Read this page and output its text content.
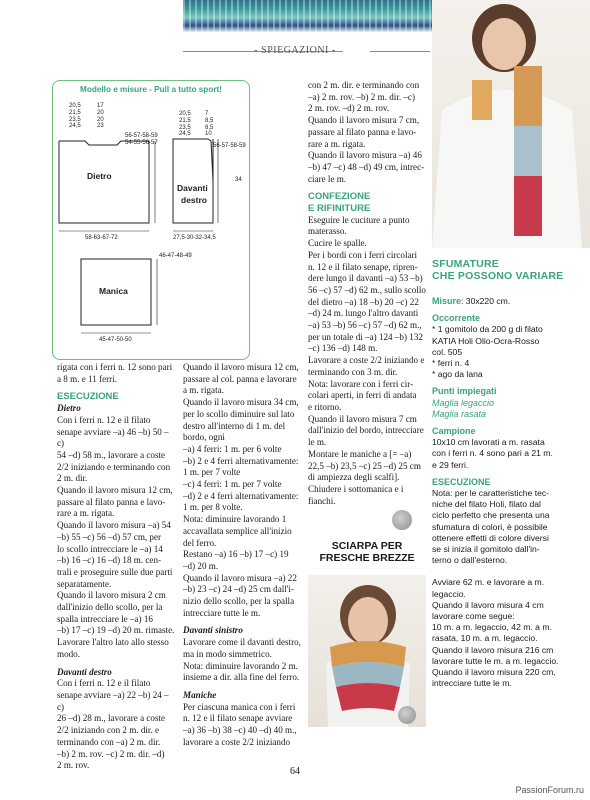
- SPIEGAZIONI -
Modello e misure - Pull a tutto sport!
20,5
21,5
23,5
24,5
17
20
20
23
Dietro
56-57-58-59
54-55-56-57
58-63-67-72
20,5
21,5
23,5
24,5
7
8,5
8,5
10
56-57-58-59
34
Davanti
destro
27,5-30-32-34,5
Manica
46-47-48-49
45-47-50-50

rigata con i ferri n. 12 sono pari

a 8 m. e 11 ferri.

ESECUZIONE

Dietro

Con i ferri n. 12 e il filato

senape avviare –a) 46 –b) 50 –c)

54 –d) 58 m., lavorare a coste

2/2 iniziando e terminando con

2 m. dir.

Quando il lavoro misura 12 cm,

passare al filato panna e lavo-

rare a m. rigata.

Quando il lavoro misura –a) 54

–b) 55 –c) 56 –d) 57 cm, per

lo scollo intrecciare le –a) 14

–b) 16 –c) 16 –d) 18 m. cen-

trali e proseguire sulle due parti

separatamente.

Quando il lavoro misura 2 cm

dall'inizio dello scollo, per la

spalla intrecciare le –a) 16

–b) 17 –c) 19 –d) 20 m. rimaste.

Lavorare l'altro lato allo stesso

modo.

Davanti destro

Con i ferri n. 12 e il filato

senape avviare –a) 22 –b) 24 –c)

26 –d) 28 m., lavorare a coste

2/2 iniziando con 2 m. dir. e

terminando con –a) 2 m. dir.

–b) 2 m. rov. –c) 2 m. dir. –d)

2 m. rov.

Quando il lavoro misura 12 cm,

passare al col. panna e lavorare

a m. rigata.

Quando il lavoro misura 34 cm,

per lo scollo diminuire sul lato

destro all'interno di 1 m. del

bordo, ogni

–a) 4 ferri: 1 m. per 6 volte

–b) 2 e 4 ferri alternativamente:

1 m. per 7 volte

–c) 4 ferri: 1 m. per 7 volte

–d) 2 e 4 ferri alternativamente:

1 m. per 8 volte.

Nota: diminuire lavorando 1

accavallata semplice all'inizio

del ferro.

Restano –a) 16 –b) 17 –c) 19

–d) 20 m.

Quando il lavoro misura –a) 22

–b) 23 –c) 24 –d) 25 cm dall'i-

nizio dello scollo, per la spalla

intrecciare tutte le m.

Davanti sinistro

Lavorare come il davanti destro,

ma in modo simmetrico.

Nota: diminuire lavorando 2 m.

insieme a dir. alla fine del ferro.

Maniche

Per ciascuna manica con i ferri

n. 12 e il filato senape avviare

–a) 36 –b) 38 –c) 40 –d) 40 m.,

lavorare a coste 2/2 iniziando

con 2 m. dir. e terminando con

–a) 2 m. rov. –b) 2 m. dir. –c)

2 m. rov. –d) 2 m. rov.

Quando il lavoro misura 7 cm,

passare al filato panna e lavo-

rare a m. rigata.

Quando il lavoro misura –a) 46

–b) 47 –c) 48 –d) 49 cm, intrec-

ciare le m.

CONFEZIONE

E RIFINITURE

Eseguire le cuciture a punto

materasso.

Cucire le spalle.

Per i bordi con i ferri circolari

n. 12 e il filato senape, ripren-

dere lungo il davanti –a) 53 –b)

56 –c) 57 –d) 62 m., sullo scollo

del dietro –a) 18 –b) 20 –c) 22

–d) 24 m. lungo l'altro davanti

–a) 53 –b) 56 –c) 57 –d) 62 m.,

per un totale di –a) 124 –b) 132

–c) 136 –d) 148 m.

Lavorare a coste 2/2 iniziando e

terminando con 3 m. dir.

Nota: lavorare con i ferri cir-

colari aperti, in ferri di andata

e ritorno.

Quando il lavoro misura 7 cm

dall'inizio del bordo, intrecciare

le m.

Montare le maniche a [= –a)

22,5 –b) 23,5 –c) 25 –d) 25 cm

di ampiezza degli scalfi].

Chiudere i sottomanica e i

fianchi.

SCIARPA PER
FRESCHE BREZZE
SFUMATURE
CHE POSSONO VARIARE

Misure: 30x220 cm.

Occorrente

* 1 gomitolo da 200 g di filato

KATIA Holi Olio-Ocra-Rosso

col. 505

* ferri n. 4

* ago da lana

Punti impiegati

Maglia legaccio

Maglia rasata

Campione

10x10 cm lavorati a m. rasata

con i ferri n. 4 sono pari a 21 m.

e 29 ferri.

ESECUZIONE

Nota: per le caratteristiche tec-

niche del filato Holi, filato dal

ciclo perfetto che presenta una

sfumatura di colori, è possibile

ottenere effetti di colore diversi

se si inizia il gomitolo dall'in-

terno o dall'esterno.

Avviare 62 m. e lavorare a m.

legaccio.

Quando il lavoro misura 4 cm

lavorare come segue:

10 m. a m. legaccio, 42 m. a m.

rasata, 10 m. a m. legaccio.

Quando il lavoro misura 216 cm

lavorare tutte le m. a m. legaccio.

Quando il lavoro misura 220 cm,

intrecciare tutte le m.

64
PassionForum.ru
